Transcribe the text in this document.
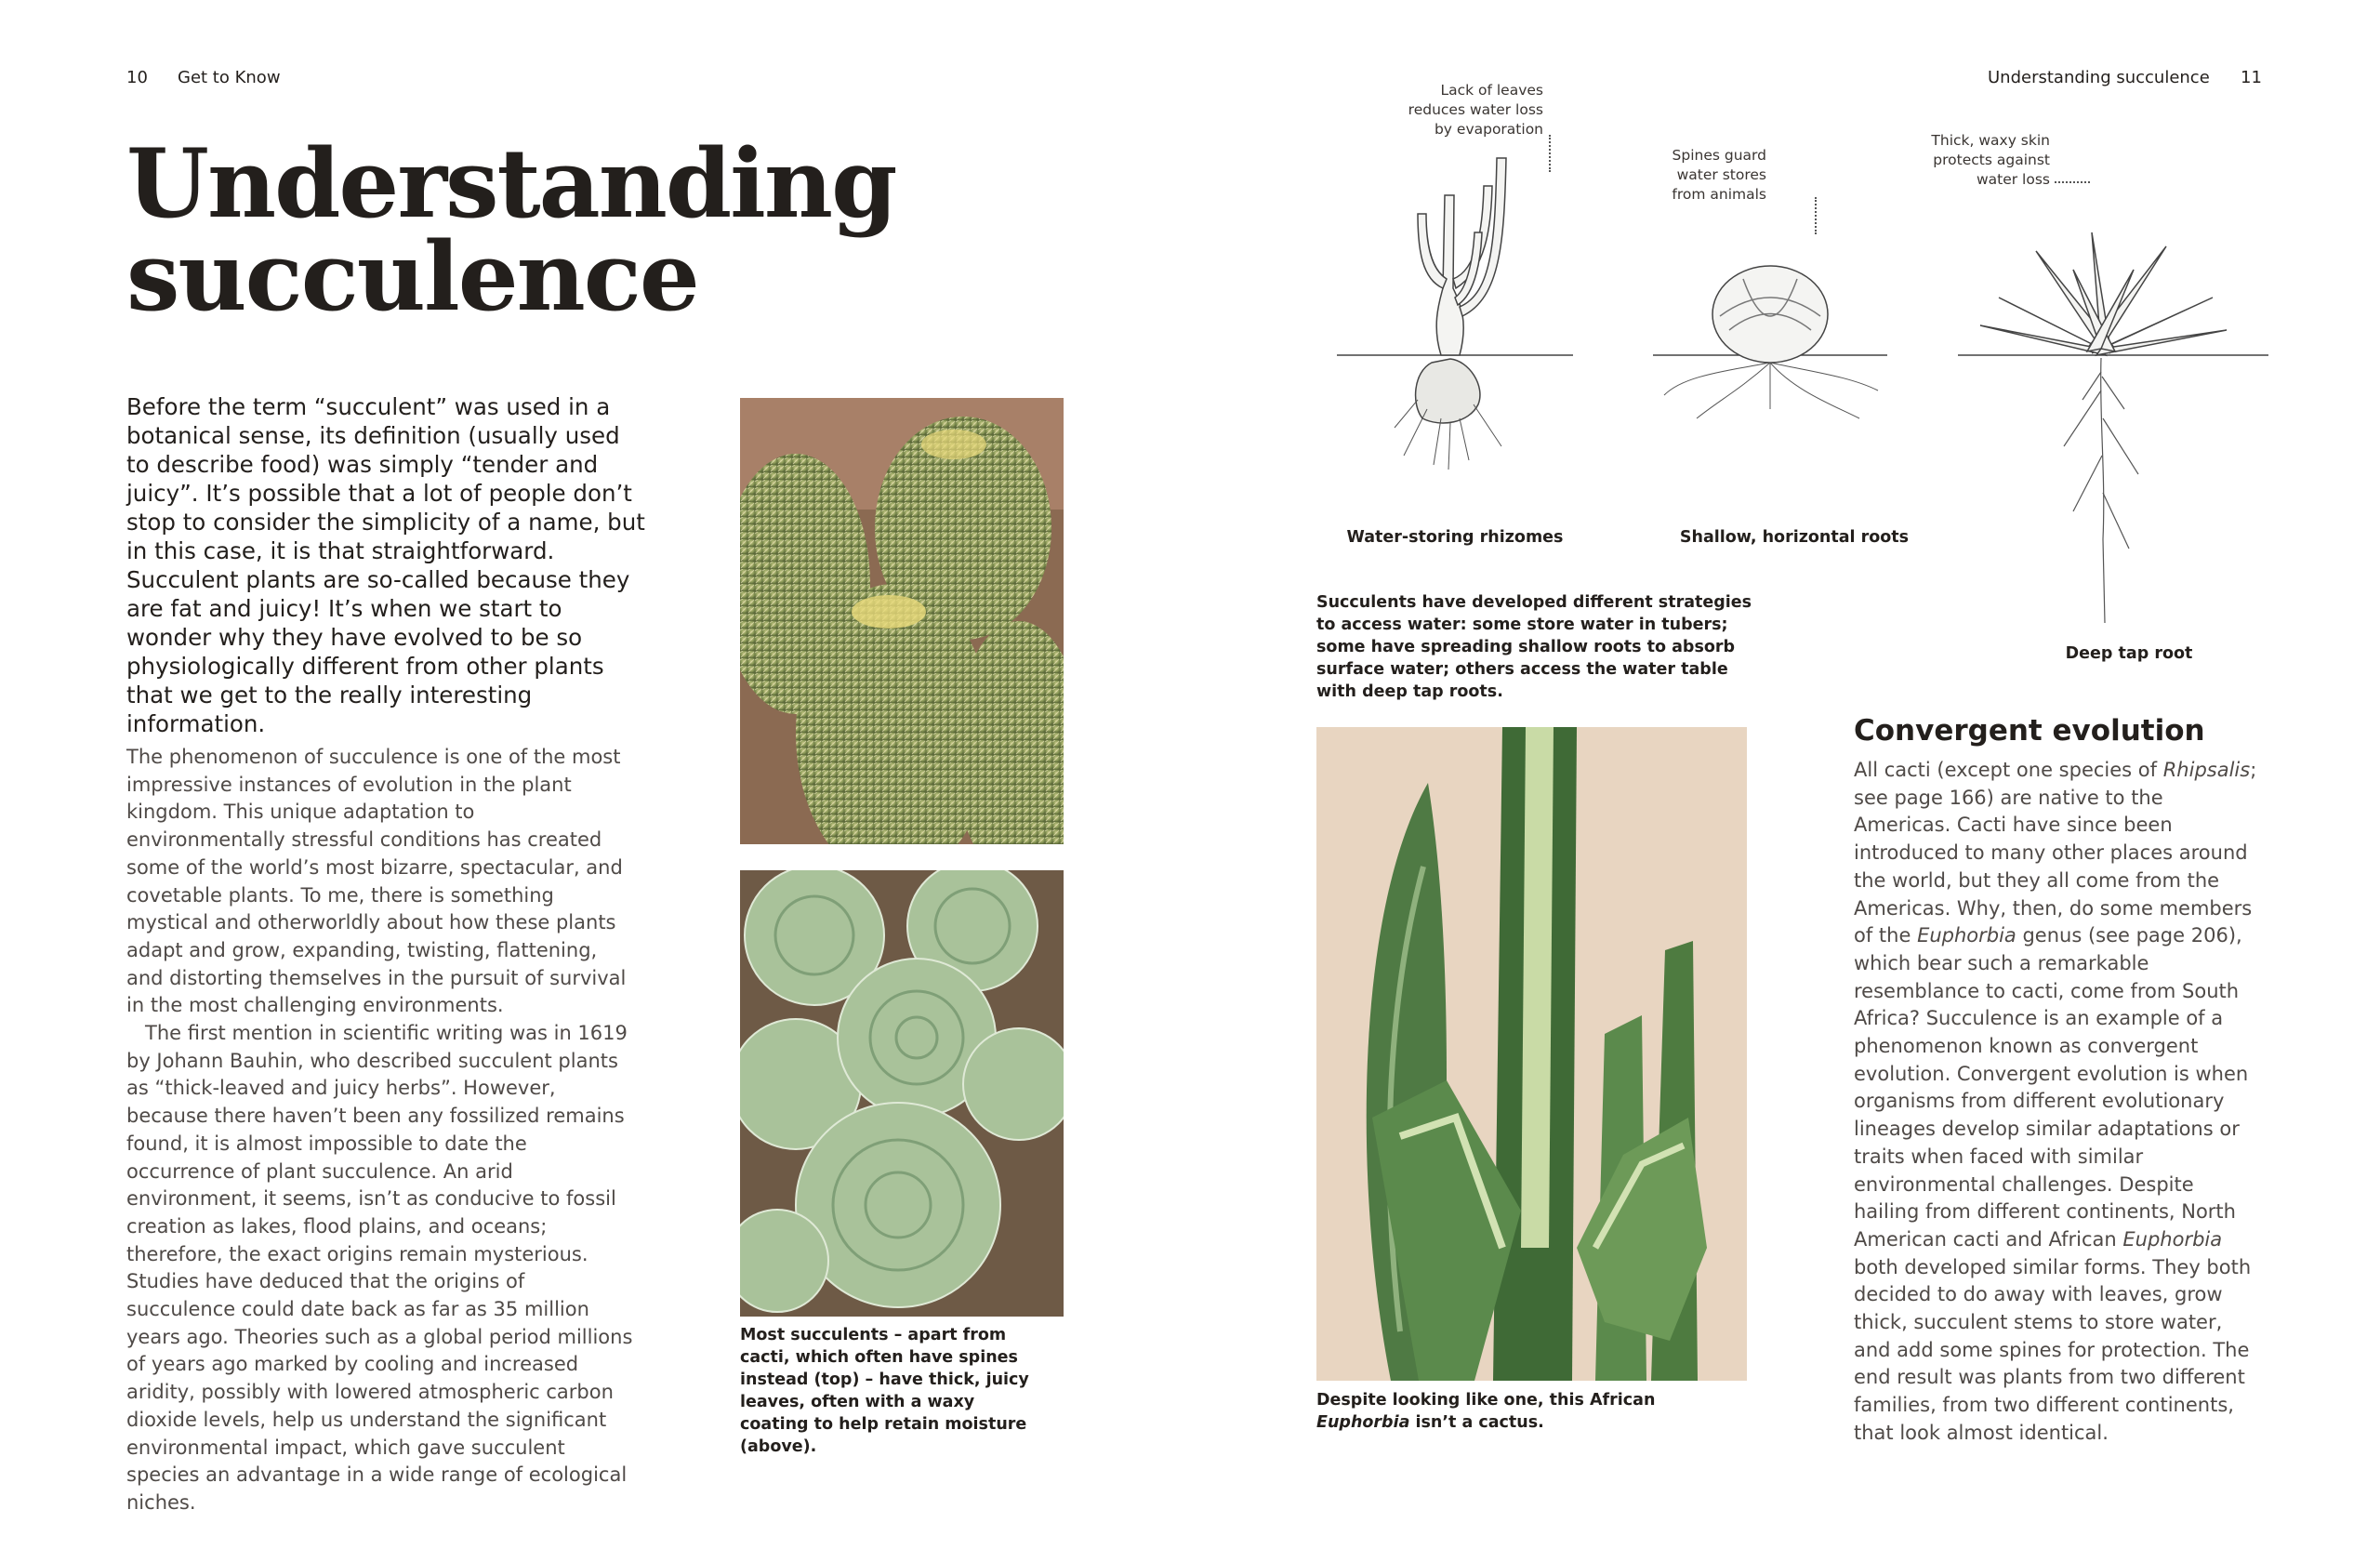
10 Get to Know
Understanding
succulence
Before the term “succulent” was used in a botanical sense, its definition (usually used to describe food) was simply “tender and juicy”. It’s possible that a lot of people don’t stop to consider the simplicity of a name, but in this case, it is that straightforward. Succulent plants are so-called because they are fat and juicy! It’s when we start to wonder why they have evolved to be so physiologically different from other plants that we get to the really interesting information.

The phenomenon of succulence is one of the most impressive instances of evolution in the plant kingdom. This unique adaptation to environmentally stressful conditions has created some of the world’s most bizarre, spectacular, and covetable plants. To me, there is something mystical and otherworldly about how these plants adapt and grow, expanding, twisting, flattening, and distorting themselves in the pursuit of survival in the most challenging environments.

The first mention in scientific writing was in 1619 by Johann Bauhin, who described succulent plants as “thick-leaved and juicy herbs”. However, because there haven’t been any fossilized remains found, it is almost impossible to date the occurrence of plant succulence. An arid environment, it seems, isn’t as conducive to fossil creation as lakes, flood plains, and oceans; therefore, the exact origins remain mysterious. Studies have deduced that the origins of succulence could date back as far as 35 million years ago. Theories such as a global period millions of years ago marked by cooling and increased aridity, possibly with lowered atmospheric carbon dioxide levels, help us understand the significant environmental impact, which gave succulent species an advantage in a wide range of ecological niches.

Most succulents – apart from cacti, which often have spines instead (top) – have thick, juicy leaves, often with a waxy coating to help retain moisture (above).
Understanding succulence 11
Lack of leaves
reduces water loss
by evaporation
Spines guard
water stores
from animals
Thick, waxy skin
protects against
water loss
Water-storing rhizomes	Shallow, horizontal roots
Deep tap root
Succulents have developed different strategies to access water: some store water in tubers; some have spreading shallow roots to absorb surface water; others access the water table with deep tap roots.
Despite looking like one, this African
Euphorbia isn’t a cactus.
Convergent evolution

All cacti (except one species of Rhipsalis; see page 166) are native to the Americas. Cacti have since been introduced to many other places around the world, but they all come from the Americas. Why, then, do some members of the Euphorbia genus (see page 206), which bear such a remarkable resemblance to cacti, come from South Africa? Succulence is an example of a phenomenon known as convergent evolution. Convergent evolution is when organisms from different evolutionary lineages develop similar adaptations or traits when faced with similar environmental challenges. Despite hailing from different continents, North American cacti and African Euphorbia both developed similar forms. They both decided to do away with leaves, grow thick, succulent stems to store water, and add some spines for protection. The end result was plants from two different families, from two different continents, that look almost identical.
